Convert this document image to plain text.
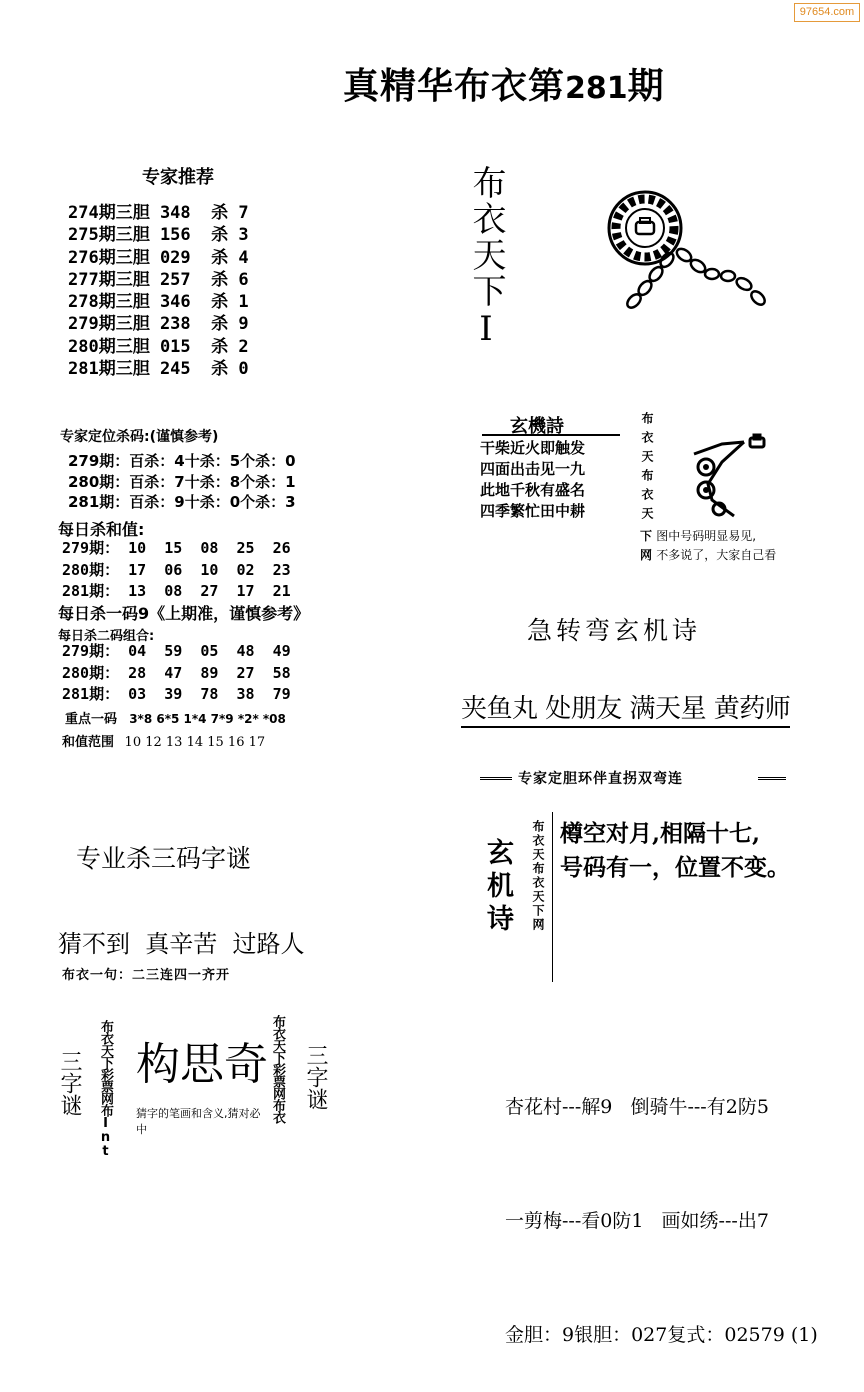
97654.com
真精华布衣第281期
专家推荐
274期三胆 348  杀 7
275期三胆 156  杀 3
276期三胆 029  杀 4
277期三胆 257  杀 6
278期三胆 346  杀 1
279期三胆 238  杀 9
280期三胆 015  杀 2
281期三胆 245  杀 0
专家定位杀码:(谨慎参考)
279期：百杀：4十杀：5个杀：0
280期：百杀：7十杀：8个杀：1
281期：百杀：9十杀：0个杀：3
每日杀和值:
279期： 10  15  08  25  26
280期： 17  06  10  02  23
281期： 13  08  27  17  21
每日杀一码9《上期准，谨慎参考》
每日杀二码组合:
279期： 04  59  05  48  49
280期： 28  47  89  27  58
281期： 03  39  78  38  79
重点一码 3*8 6*5 1*4 7*9 *2* *08
和值范围 10 12 13 14 15 16 17
专业杀三码字谜
猜不到  真辛苦  过路人
布衣一句：二三连四一齐开
三字谜 布衣天下彩票网布Int 构思奇
猜字的笔画和含义,猜对必中
布衣天下彩票网布衣 三字谜
布衣天下I
玄機詩
干柴近火即触发
四面出击见一九
此地千秋有盛名
四季繁忙田中耕	布衣天布衣天
下 图中号码明显易见,
网 不多说了，大家自己看
急转弯玄机诗
夹鱼丸 处朋友 满天星 黄药师
专家定胆环伴直拐双弯连
玄机诗 布衣天布衣天下网 樽空对月,相隔十七,
号码有一，位置不变。

杏花村---解9   倒骑牛---有2防5

一剪梅---看0防1   画如绣---出7

金胆：9银胆：027复式：02579 (1)
